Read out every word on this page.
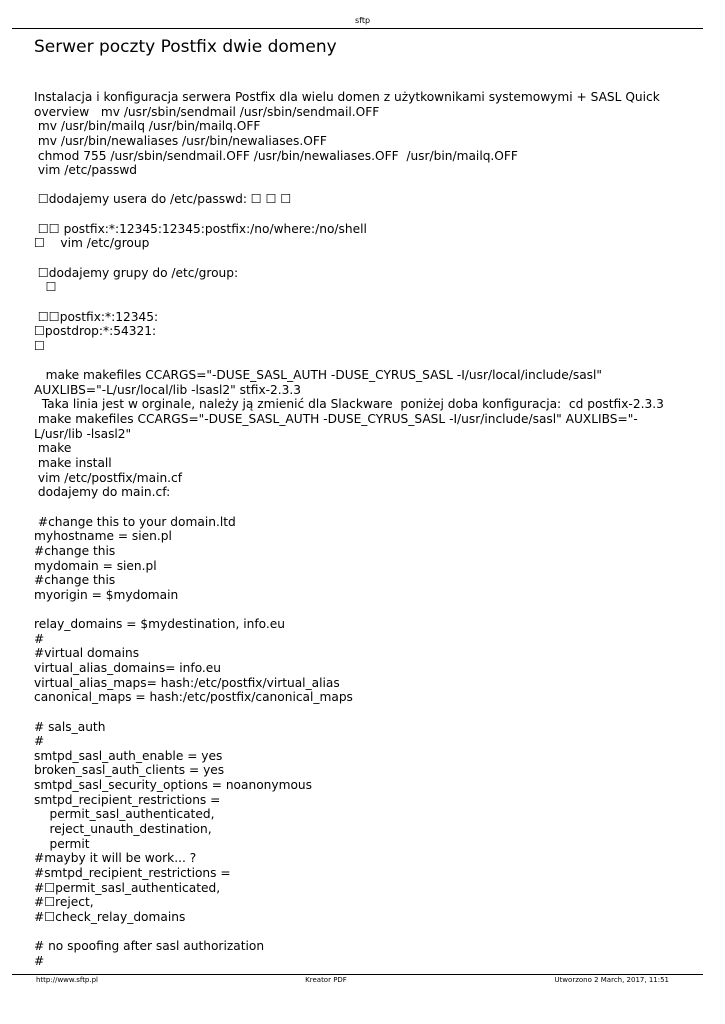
sftp
Serwer poczty Postfix dwie domeny
Instalacja i konfiguracja serwera Postfix dla wielu domen z użytkownikami systemowymi + SASL Quick
overview   mv /usr/sbin/sendmail /usr/sbin/sendmail.OFF
mv /usr/bin/mailq /usr/bin/mailq.OFF
mv /usr/bin/newaliases /usr/bin/newaliases.OFF
chmod 755 /usr/sbin/sendmail.OFF /usr/bin/newaliases.OFF  /usr/bin/mailq.OFF
vim /etc/passwd
☐dodajemy usera do /etc/passwd: ☐ ☐ ☐
☐☐ postfix:*:12345:12345:postfix:/no/where:/no/shell
☐    vim /etc/group
☐dodajemy grupy do /etc/group:
☐
☐☐postfix:*:12345:
☐postdrop:*:54321:
☐
make makefiles CCARGS="-DUSE_SASL_AUTH -DUSE_CYRUS_SASL -I/usr/local/include/sasl"
AUXLIBS="-L/usr/local/lib -lsasl2" stfix-2.3.3
Taka linia jest w orginale, należy ją zmienić dla Slackware  poniżej doba konfiguracja:  cd postfix-2.3.3
make makefiles CCARGS="-DUSE_SASL_AUTH -DUSE_CYRUS_SASL -I/usr/include/sasl" AUXLIBS="-
L/usr/lib -lsasl2"
make
make install
vim /etc/postfix/main.cf
dodajemy do main.cf:
#change this to your domain.ltd
myhostname = sien.pl
#change this
mydomain = sien.pl
#change this
myorigin = $mydomain
relay_domains = $mydestination, info.eu
#
#virtual domains
virtual_alias_domains= info.eu
virtual_alias_maps= hash:/etc/postfix/virtual_alias
canonical_maps = hash:/etc/postfix/canonical_maps
# sals_auth
#
smtpd_sasl_auth_enable = yes
broken_sasl_auth_clients = yes
smtpd_sasl_security_options = noanonymous
smtpd_recipient_restrictions =
permit_sasl_authenticated,
reject_unauth_destination,
permit
#mayby it will be work... ?
#smtpd_recipient_restrictions =
#☐permit_sasl_authenticated,
#☐reject,
#☐check_relay_domains
# no spoofing after sasl authorization
#
http://www.sftp.pl	Kreator PDF	Utworzono 2 March, 2017, 11:51
